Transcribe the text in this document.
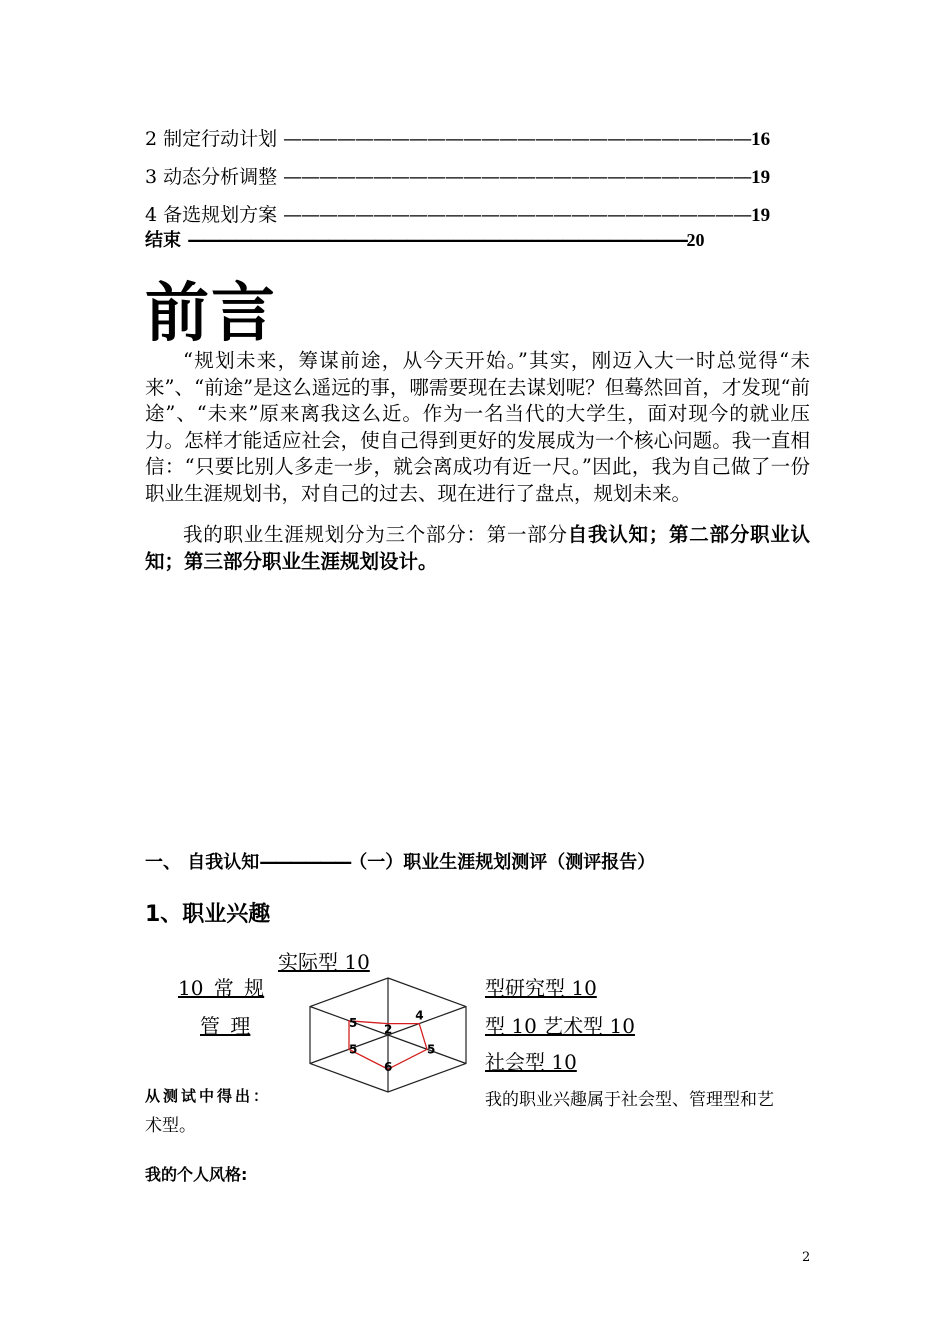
2 制定行动计划 ——————————————————————————16
3 动态分析调整 ——————————————————————————19
4 备选规划方案 ——————————————————————————19
结束 ————————————————————————————————20
前言
“规划未来，筹谋前途，从今天开始。”其实，刚迈入大一时总觉得“未来”、“前途”是这么遥远的事，哪需要现在去谋划呢？但蓦然回首，才发现“前途”、“未来”原来离我这么近。作为一名当代的大学生，面对现今的就业压力。怎样才能适应社会，使自己得到更好的发展成为一个核心问题。我一直相信：“只要比别人多走一步，就会离成功有近一尺。”因此，我为自己做了一份职业生涯规划书，对自己的过去、现在进行了盘点，规划未来。
我的职业生涯规划分为三个部分：第一部分自我认知；第二部分职业认知；第三部分职业生涯规划设计。
一、 自我认知——————（一）职业生涯规划测评（测评报告）
1、职业兴趣
实际型 10
10 常 规
管 理
型研究型 10
型 10 艺术型 10
社会型 10
2
4
5
6
5
5
从测试中得出：	我的职业兴趣属于社会型、管理型和艺
术型。
我的个人风格:
2
